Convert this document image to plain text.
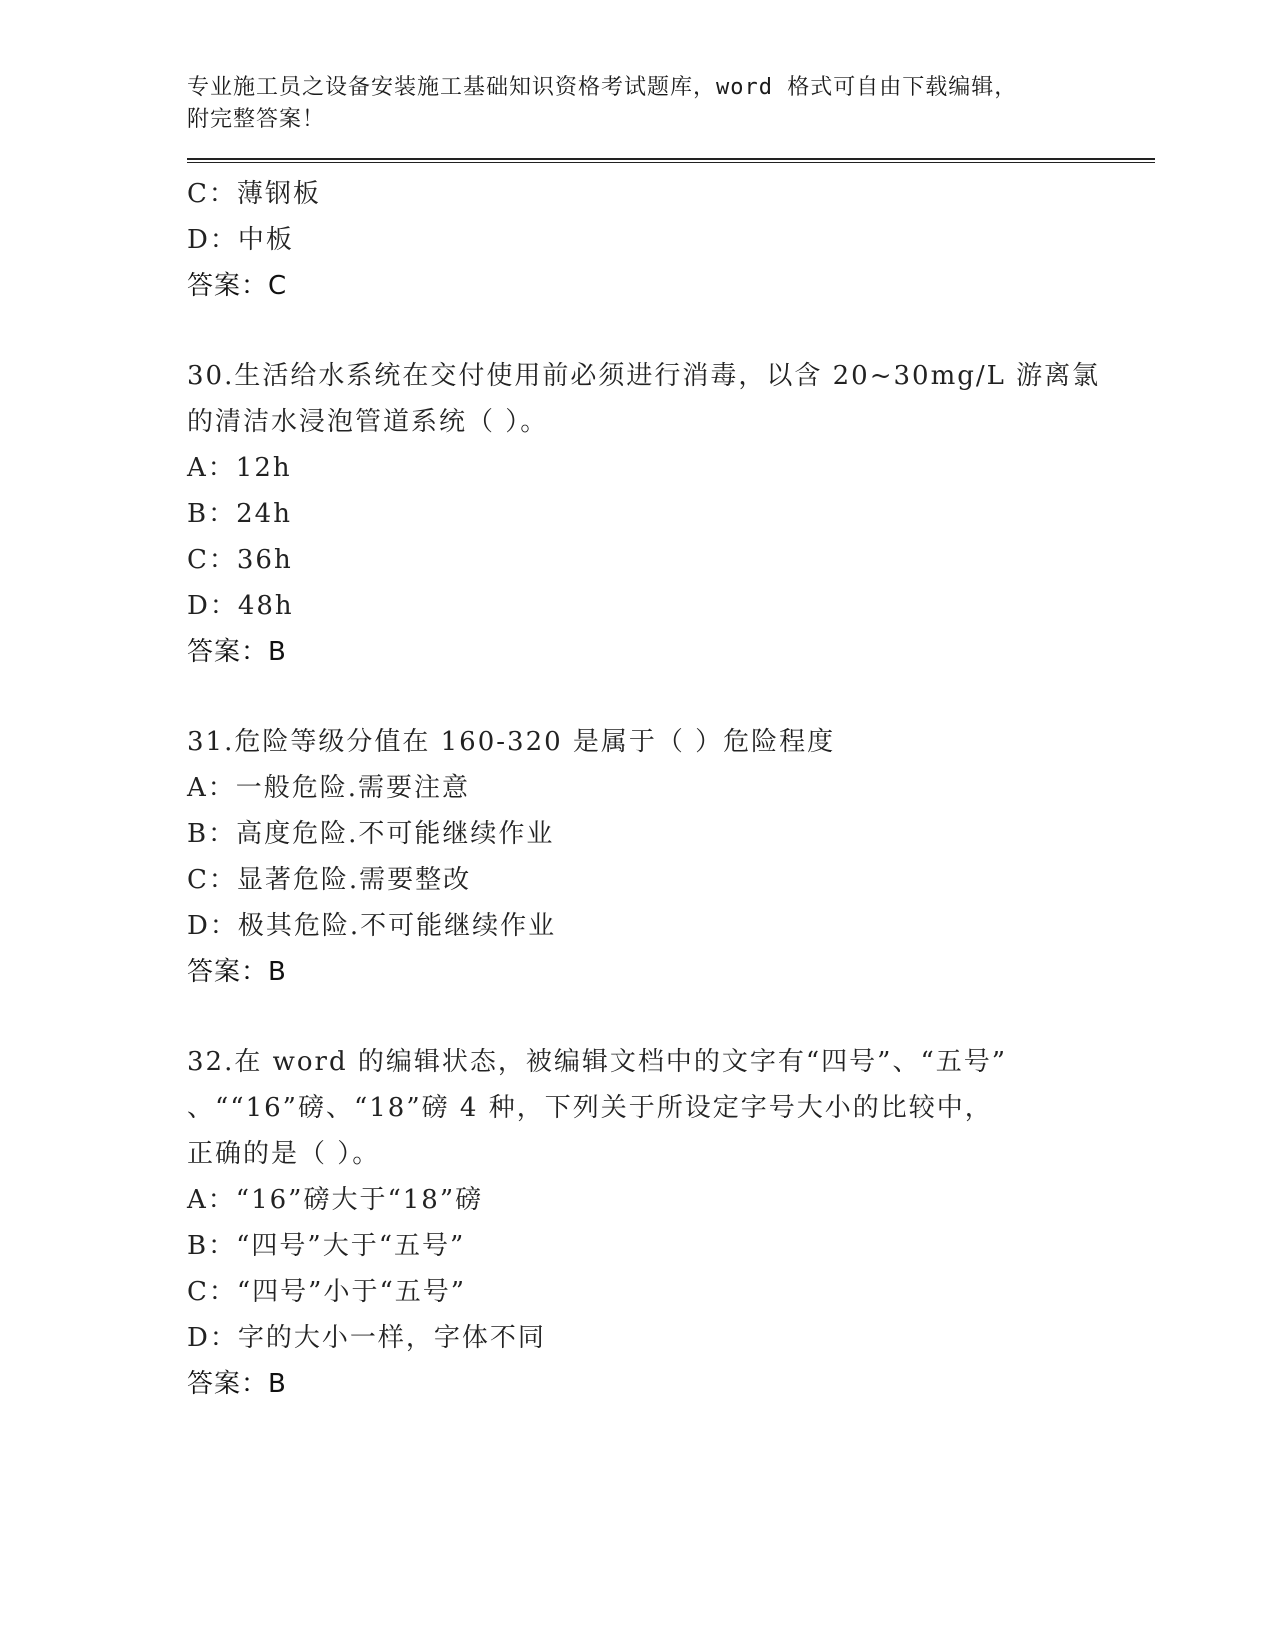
专业施工员之设备安装施工基础知识资格考试题库，word 格式可自由下载编辑，
附完整答案！
C：薄钢板
D：中板
答案：C
30.生活给水系统在交付使用前必须进行消毒，以含 20~30mg/L 游离氯
的清洁水浸泡管道系统（ ）。
A：12h
B：24h
C：36h
D：48h
答案：B
31.危险等级分值在 160-320 是属于（ ）危险程度
A：一般危险.需要注意
B：高度危险.不可能继续作业
C：显著危险.需要整改
D：极其危险.不可能继续作业
答案：B
32.在 word 的编辑状态，被编辑文档中的文字有“四号”、“五号”
、““16”磅、“18”磅 4 种，下列关于所设定字号大小的比较中，
正确的是（ ）。
A：“16”磅大于“18”磅
B：“四号”大于“五号”
C：“四号”小于“五号”
D：字的大小一样，字体不同
答案：B
